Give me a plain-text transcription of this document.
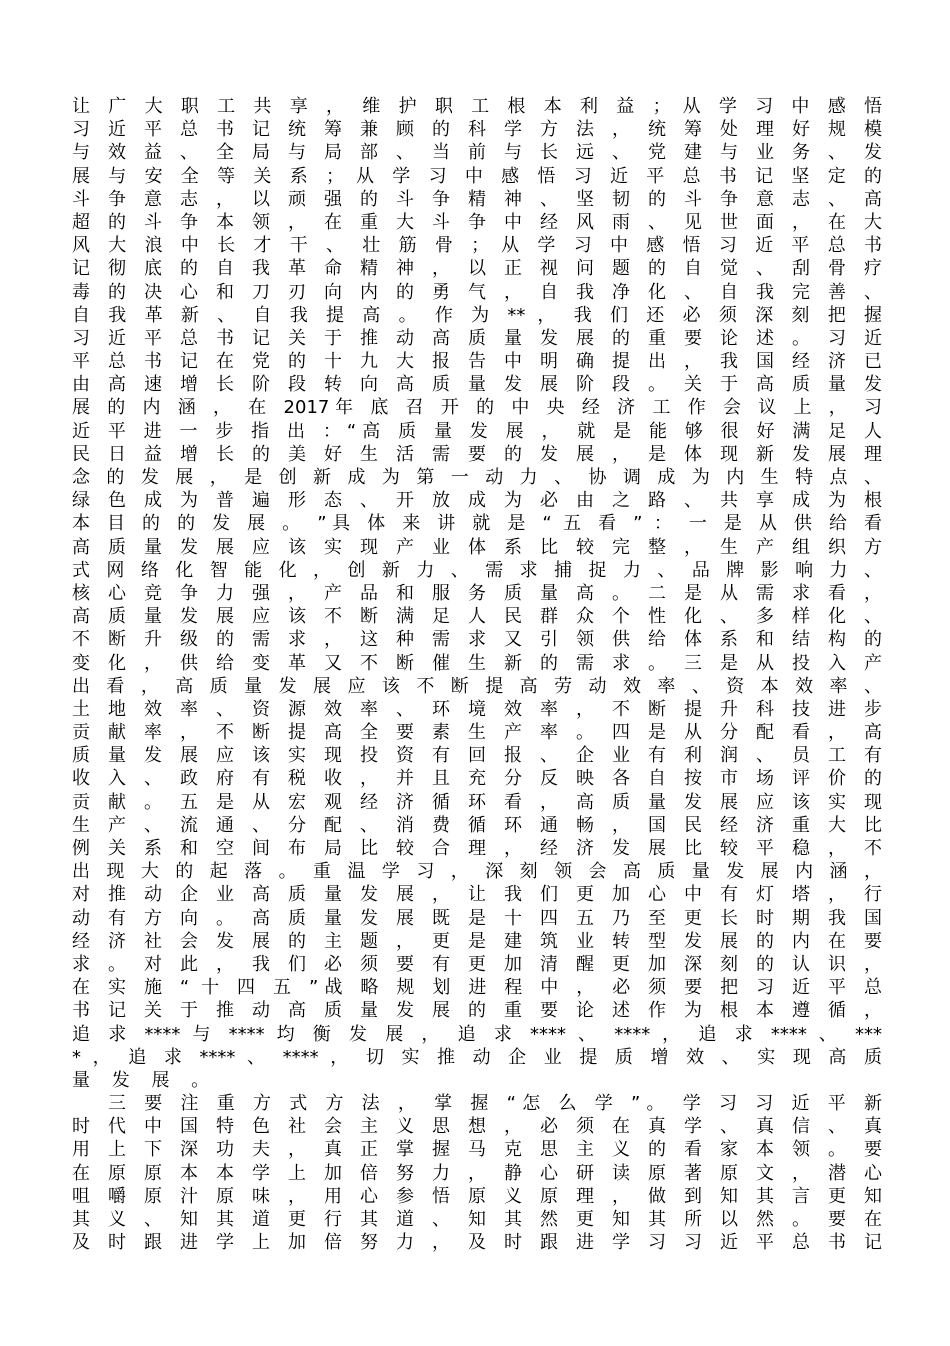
让 广 大 职 工 共 享 ， 维 护 职 工 根 本 利 益 ； 从 学 习 中 感 悟
习 近 平 总 书 记 统 筹 兼 顾 的 科 学 方 法 ， 统 筹 处 理 好 规 模
与 效 益 、 全 局 与 局 部 、 当 前 与 长 远 、 党 建 与 业 务 、 发
展 与 安 全 等 关 系 ； 从 学 习 中 感 悟 习 近 平 总 书 记 坚 定 的
斗 争 意 志 ， 以 顽 强 的 斗 争 精 神 、 坚 韧 的 斗 争 意 志 、 高
超 的 斗 争 本 领 ， 在 重 大 斗 争 中 经 风 雨 、 见 世 面 ， 在 大
风 大 浪 中 长 才 干 、 壮 筋 骨 ； 从 学 习 中 感 悟 习 近 平 总 书
记 彻 底 的 自 我 革 命 精 神 ， 以 正 视 问 题 的 自 觉 、 刮 骨 疗
毒 的 决 心 和 刀 刃 向 内 的 勇 气 ， 自 我 净 化 、 自 我 完 善 、
自 我 革 新 、 自 我 提 高 。 作 为 ** ， 我 们 还 必 须 深 刻 把 握
习 近 平 总 书 记 关 于 推 动 高 质 量 发 展 的 重 要 论 述 。 习 近
平 总 书 记 在 党 的 十 九 大 报 告 中 明 确 提 出 ， 我 国 经 济 已
由 高 速 增 长 阶 段 转 向 高 质 量 发 展 阶 段 。 关 于 高 质 量 发
展 的 内 涵 ， 在 2017年 底 召 开 的 中 央 经 济 工 作 会 议 上 ， 习
近 平 进 一 步 指 出 ：“高 质 量 发 展 ， 就 是 能 够 很 好 满 足 人
民 日 益 增 长 的 美 好 生 活 需 要 的 发 展 ， 是 体 现 新 发 展 理
念 的 发 展 ， 是 创 新 成 为 第 一 动 力 、 协 调 成 为 内 生 特 点 、
绿 色 成 为 普 遍 形 态 、 开 放 成 为 必 由 之 路 、 共 享 成 为 根
本 目 的 的 发 展 。 ”具 体 来 讲 就 是 “ 五 看 ” ： 一 是 从 供 给 看
高 质 量 发 展 应 该 实 现 产 业 体 系 比 较 完 整 ， 生 产 组 织 方
式 网 络 化 智 能 化 ， 创 新 力 、 需 求 捕 捉 力 、 品 牌 影 响 力 、
核 心 竞 争 力 强 ， 产 品 和 服 务 质 量 高 。 二 是 从 需 求 看 ，
高 质 量 发 展 应 该 不 断 满 足 人 民 群 众 个 性 化 、 多 样 化 、
不 断 升 级 的 需 求 ， 这 种 需 求 又 引 领 供 给 体 系 和 结 构 的
变 化 ， 供 给 变 革 又 不 断 催 生 新 的 需 求 。 三 是 从 投 入 产
出 看 ， 高 质 量 发 展 应 该 不 断 提 高 劳 动 效 率 、 资 本 效 率 、
土 地 效 率 、 资 源 效 率 、 环 境 效 率 ， 不 断 提 升 科 技 进 步
贡 献 率 ， 不 断 提 高 全 要 素 生 产 率 。 四 是 从 分 配 看 ， 高
质 量 发 展 应 该 实 现 投 资 有 回 报 、 企 业 有 利 润 、 员 工 有
收 入 、 政 府 有 税 收 ， 并 且 充 分 反 映 各 自 按 市 场 评 价 的
贡 献 。 五 是 从 宏 观 经 济 循 环 看 ， 高 质 量 发 展 应 该 实 现
生 产 、 流 通 、 分 配 、 消 费 循 环 通 畅 ， 国 民 经 济 重 大 比
例 关 系 和 空 间 布 局 比 较 合 理 ， 经 济 发 展 比 较 平 稳 ， 不
出 现 大 的 起 落 。 重 温 学 习 ， 深 刻 领 会 高 质 量 发 展 内 涵 ，
对 推 动 企 业 高 质 量 发 展 ， 让 我 们 更 加 心 中 有 灯 塔 ， 行
动 有 方 向 。 高 质 量 发 展 既 是 十 四 五 乃 至 更 长 时 期 我 国
经 济 社 会 发 展 的 主 题 ， 更 是 建 筑 业 转 型 发 展 的 内 在 要
求 。 对 此 ， 我 们 必 须 要 有 更 加 清 醒 更 加 深 刻 的 认 识 ，
在 实 施 “ 十 四 五 ”战 略 规 划 进 程 中 ， 必 须 要 把 习 近 平 总
书 记 关 于 推 动 高 质 量 发 展 的 重 要 论 述 作 为 根 本 遵 循 ，
追 求 **** 与 **** 均 衡 发 展 ， 追 求 **** 、 **** ， 追 求 **** 、 ***
* ， 追 求 **** 、 **** ， 切 实 推 动 企 业 提 质 增 效 、 实 现 高 质
量 发 展 。
三 要 注 重 方 式 方 法 ， 掌 握 “怎 么 学 ”。 学 习 习 近 平 新
时 代 中 国 特 色 社 会 主 义 思 想 ， 必 须 在 真 学 、 真 信 、 真
用 上 下 深 功 夫 ， 真 正 掌 握 马 克 思 主 义 的 看 家 本 领 。 要
在 原 原 本 本 学 上 加 倍 努 力 ， 静 心 研 读 原 著 原 文 ， 潜 心
咀 嚼 原 汁 原 味 ， 用 心 参 悟 原 义 原 理 ， 做 到 知 其 言 更 知
其 义 、 知 其 道 更 行 其 道 、 知 其 然 更 知 其 所 以 然 。 要 在
及 时 跟 进 学 上 加 倍 努 力 ， 及 时 跟 进 学 习 习 近 平 总 书 记
